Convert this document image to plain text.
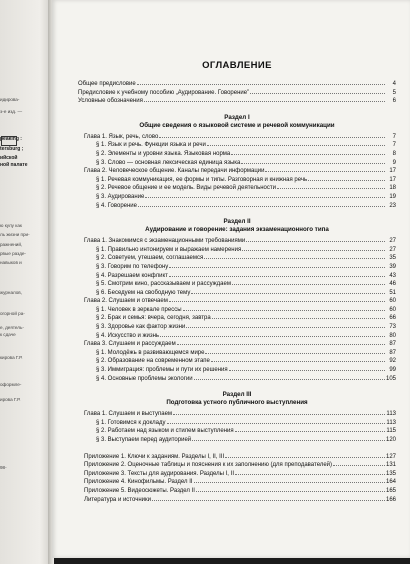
идирова-
э-е изд. —
peaking :
tersburg ;
ийской
ной палате
ю кулу как
ль жизни при-
ражнений,
рвые разде-
навыков и
журналов,
огорной ра-
е, деятель-
к сдаче
кирова Г.Р.
оформле-
ирова Г.Р.
98-
ОГЛАВЛЕНИЕ
Общее предисловие	4
Предисловие к учебному пособию „Аудирование. Говорение”	5
Условные обозначения	6
Раздел I
Общие сведения о языковой системе и речевой коммуникации
Глава 1. Язык, речь, слово	7
§ 1. Язык и речь. Функции языка и речи	7
§ 2. Элементы и уровни языка. Языковая норма	8
§ 3. Слово — основная лексическая единица языка	9
Глава 2. Человеческое общение. Каналы передачи информации	17
§ 1. Речевая коммуникация, ее формы и типы. Разговорная и книжная речь	17
§ 2. Речевое общение и ее модель. Виды речевой деятельности	18
§ 3. Аудирование	19
§ 4. Говорение	23
Раздел II
Аудирование и говорение: задания экзаменационного типа
Глава 1. Знакомимся с экзаменационными требованиями	27
§ 1. Правильно интонируем и выражаем намерения	27
§ 2. Советуем, утешаем, соглашаемся	35
§ 3. Говорим по телефону	39
§ 4. Разрешаем конфликт	43
§ 5. Смотрим кино, рассказываем и рассуждаем	46
§ 6. Беседуем на свободную тему	51
Глава 2. Слушаем и отвечаем	60
§ 1. Человек в зеркале прессы	60
§ 2. Брак и семья: вчера, сегодня, завтра	66
§ 3. Здоровье как фактор жизни	73
§ 4. Искусство и жизнь	80
Глава 3. Слушаем и рассуждаем	87
§ 1. Молодёжь в развивающемся мире	87
§ 2. Образование на современном этапе	92
§ 3. Иммиграция: проблемы и пути их решения	99
§ 4. Основные проблемы экологии	105
Раздел III
Подготовка устного публичного выступления
Глава 1. Слушаем и выступаем	113
§ 1. Готовимся к докладу	113
§ 2. Работаем над языком и стилем выступления	115
§ 3. Выступаем перед аудиторией	120
Приложение 1. Ключи к заданиям. Разделы I, II, III	127
Приложение 2. Оценочные таблицы и пояснения к их заполнению (для преподавателей)	131
Приложение 3. Тексты для аудирования. Разделы I, II	135
Приложение 4. Кинофильмы. Раздел II	164
Приложение 5. Видеосюжеты. Раздел II	165
Литература и источники	166
